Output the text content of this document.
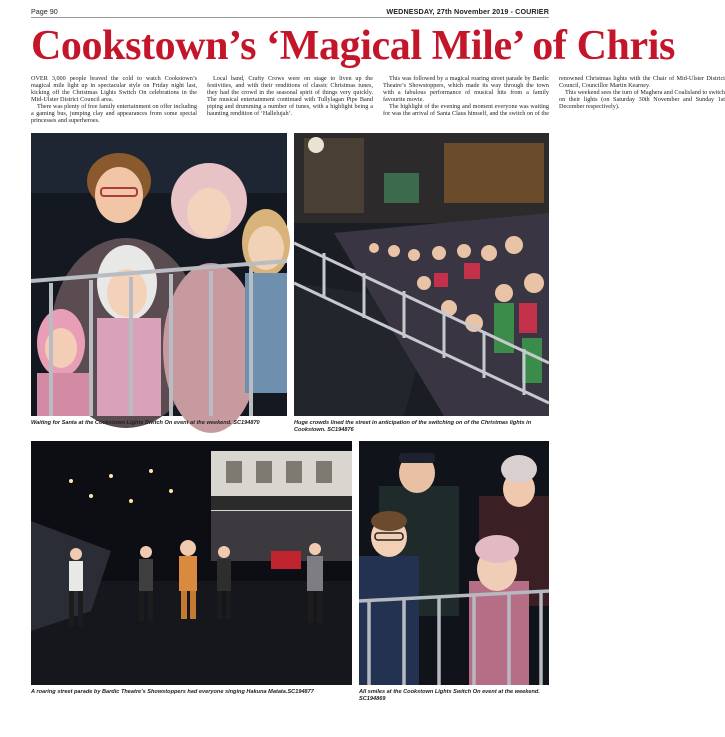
Page 90	WEDNESDAY, 27th November 2019 - COURIER
Cookstown’s ‘Magical Mile’ of Chris

OVER 3,000 people braved the cold to watch Cookstown’s magical mile light up in spectacular style on Friday night last, kicking off the Christmas Lights Switch On celebrations in the Mid-Ulster District Council area.

There was plenty of free family entertainment on offer including a gaming bus, jumping clay and appearances from some special princesses and superheroes.

Local band, Crafty Crows were on stage to liven up the festivities, and with their renditions of classic Christmas tunes, they had the crowd in the seasonal spirit of things very quickly. The musical entertainment continued with Tullylagan Pipe Band piping and drumming a number of tunes, with a highlight being a haunting rendition of ‘Hallelujah’.

This was followed by a magical roaring street parade by Bardic Theatre’s Showstoppers, which made its way through the town with a fabulous performance of musical hits from a family favourite movie.

The highlight of the evening and moment everyone was waiting for was the arrival of Santa Claus himself, and the switch on of the renowned Christmas lights with the Chair of Mid-Ulster District Council, Councillor Martin Kearney.

This weekend sees the turn of Maghera and Coalisland to switch on their lights (on Saturday 30th November and Sunday 1st December respectively).

Waiting for Santa at the Cookstown Lights Switch On event at the weekend. SC194870	Huge crowds lined the street in anticipation of the switching on of the Christmas lights in Cookstown. SC194876
A roaring street parade by Bardic Theatre’s Showstoppers had everyone singing Hakuna Matata.SC194877	All smiles at the Cookstown Lights Switch On event at the weekend. SC194869
